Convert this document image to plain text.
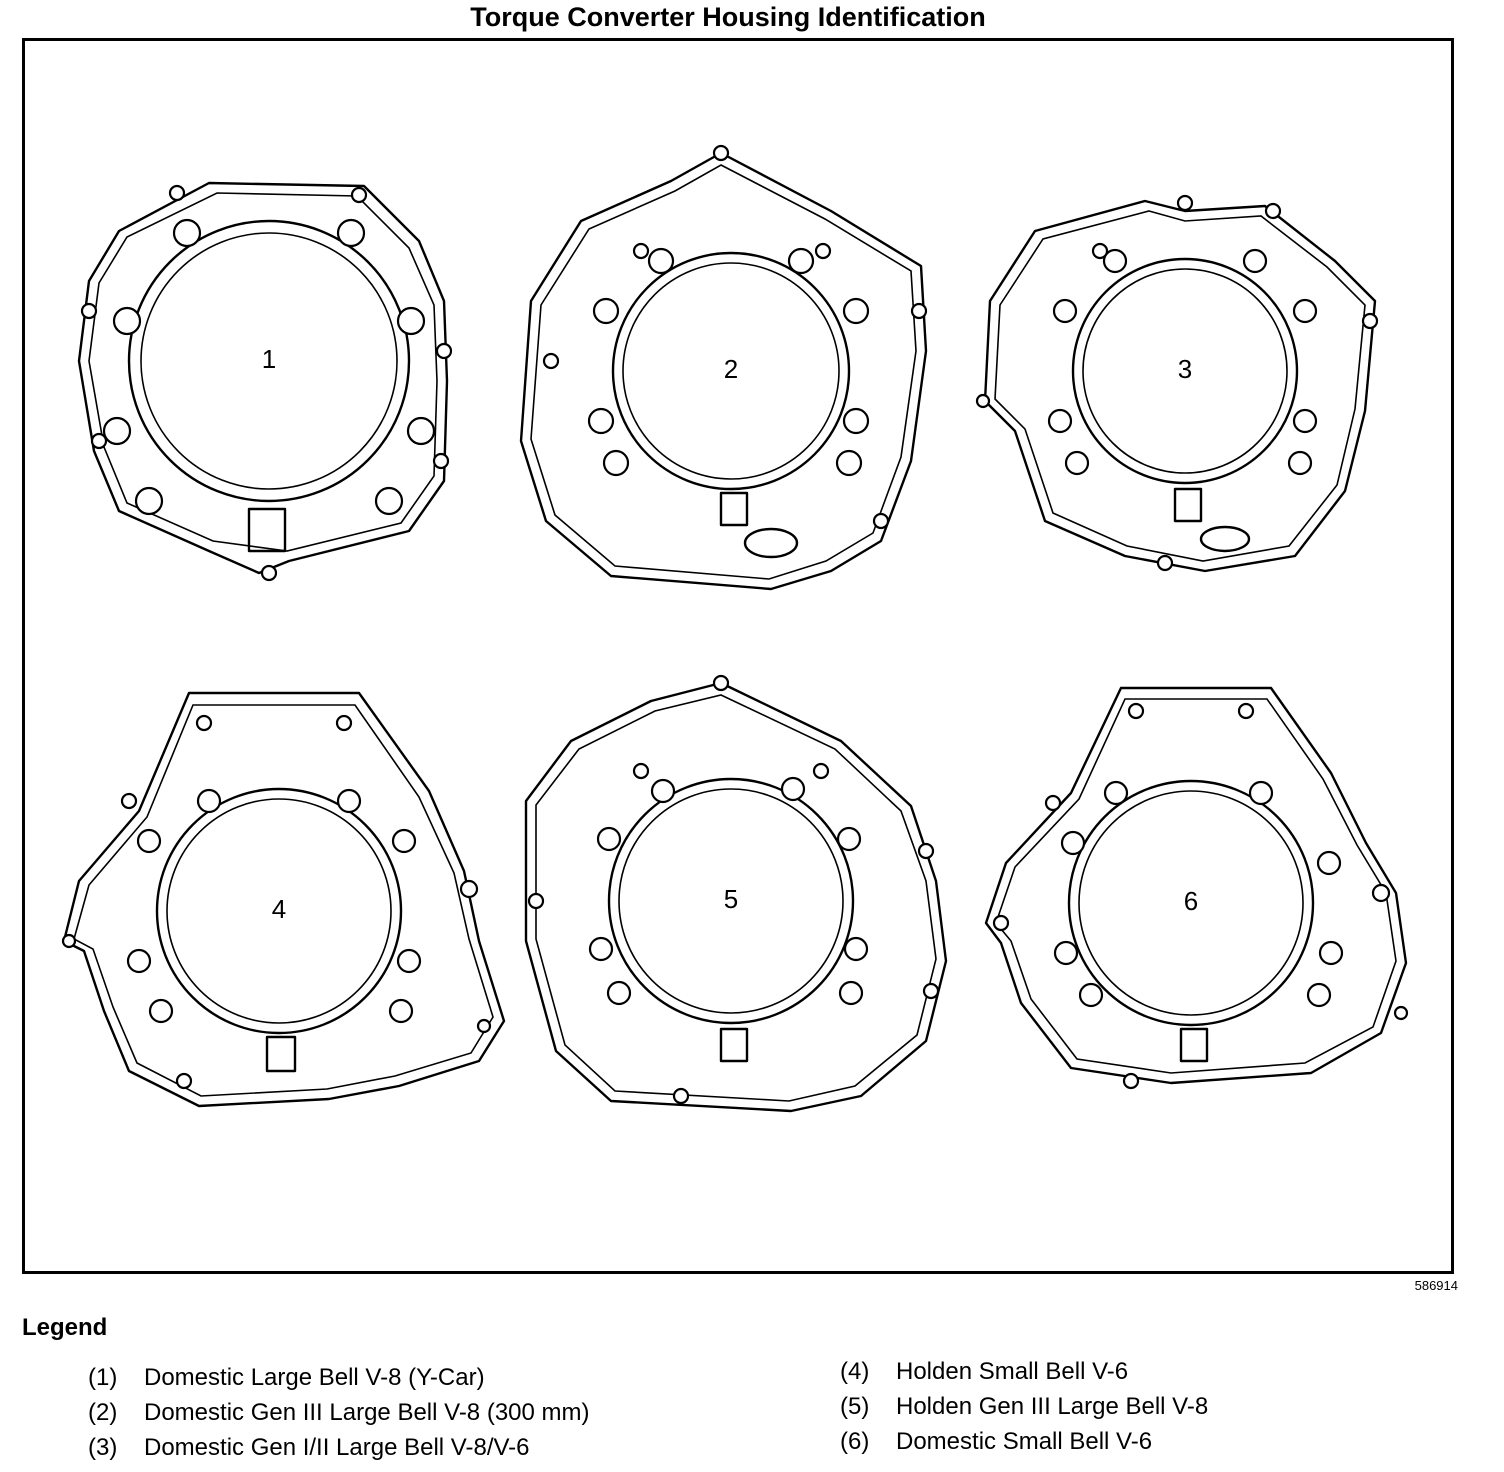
Torque Converter Housing Identification
1	2	3
4	5	6
586914
Legend
(1) Domestic Large Bell V-8 (Y-Car)
(2) Domestic Gen III Large Bell V-8 (300 mm)
(3) Domestic Gen I/II Large Bell V-8/V-6
(4) Holden Small Bell V-6
(5) Holden Gen III Large Bell V-8
(6) Domestic Small Bell V-6
